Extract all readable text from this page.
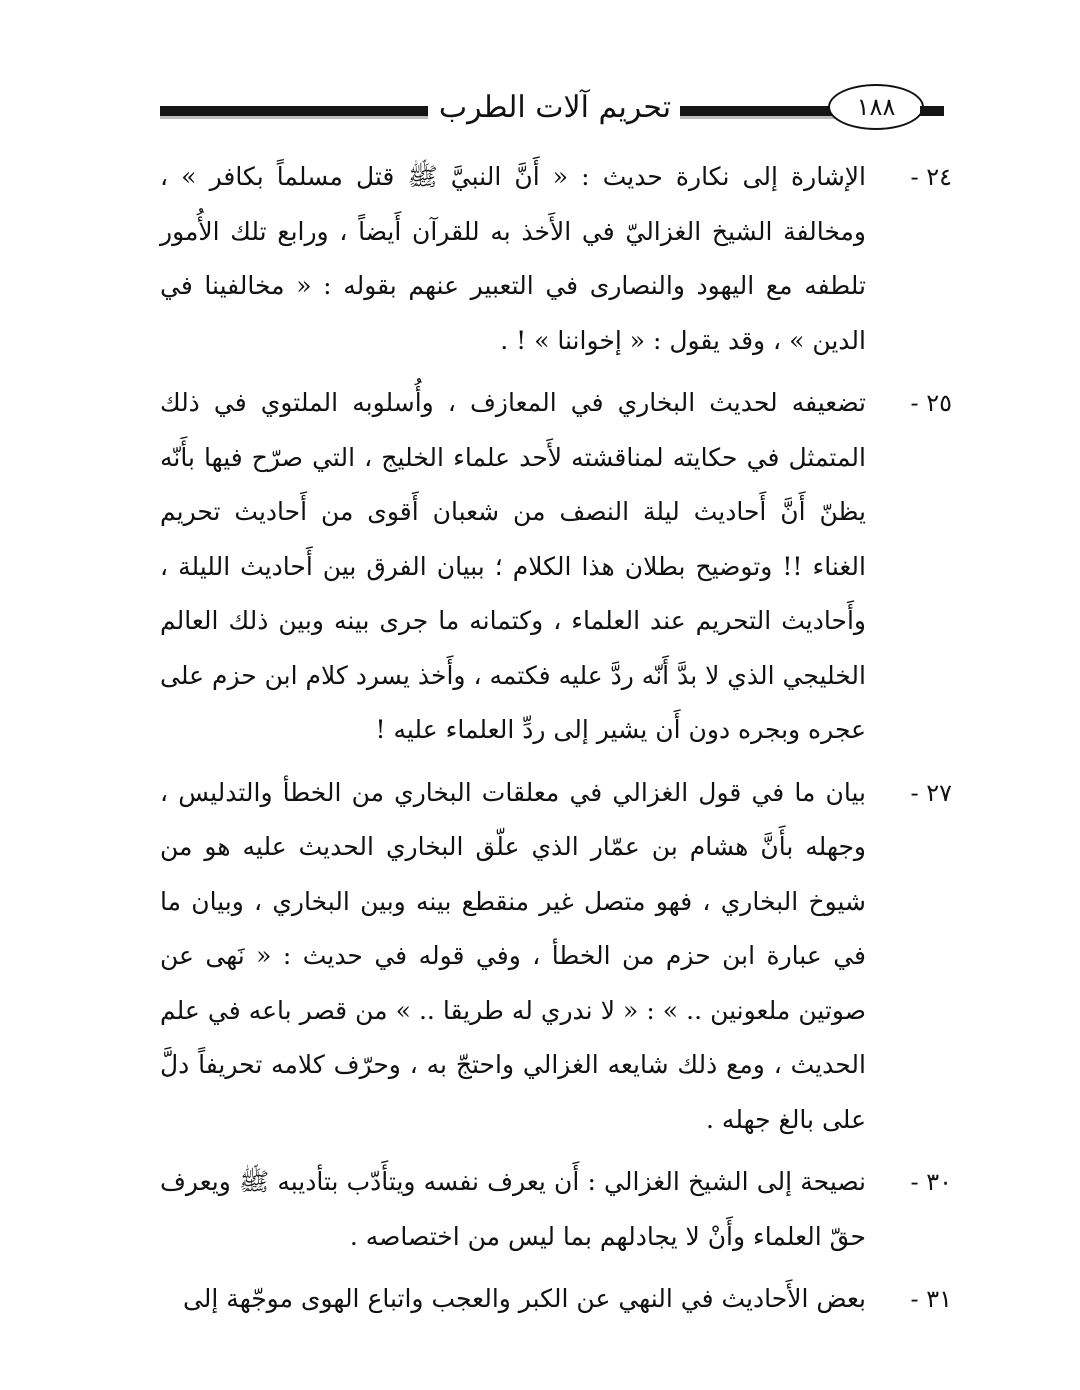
تحريم آلات الطرب	١٨٨
٢٤ -

الإشارة إلى نكارة حديث : « أَنَّ النبيَّ ﷺ قتل مسلماً بكافر » ، ومخالفة الشيخ الغزاليّ في الأَخذ به للقرآن أَيضاً ، ورابع تلك الأُمور تلطفه مع اليهود والنصارى في التعبير عنهم بقوله : « مخالفينا في الدين » ، وقد يقول : « إخواننا » ! .

٢٥ -

تضعيفه لحديث البخاري في المعازف ، وأُسلوبه الملتوي في ذلك المتمثل في حكايته لمناقشته لأَحد علماء الخليج ، التي صرّح فيها بأَنّه يظنّ أَنَّ أَحاديث ليلة النصف من شعبان أَقوى من أَحاديث تحريم الغناء !! وتوضيح بطلان هذا الكلام ؛ ببيان الفرق بين أَحاديث الليلة ، وأَحاديث التحريم عند العلماء ، وكتمانه ما جرى بينه وبين ذلك العالم الخليجي الذي لا بدَّ أَنّه ردَّ عليه فكتمه ، وأَخذ يسرد كلام ابن حزم على عجره وبجره دون أَن يشير إلى ردِّ العلماء عليه !

٢٧ -

بيان ما في قول الغزالي في معلقات البخاري من الخطأ والتدليس ، وجهله بأَنَّ هشام بن عمّار الذي علّق البخاري الحديث عليه هو من شيوخ البخاري ، فهو متصل غير منقطع بينه وبين البخاري ، وبيان ما في عبارة ابن حزم من الخطأ ، وفي قوله في حديث : « نَهى عن صوتين ملعونين .. » : « لا ندري له طريقا .. » من قصر باعه في علم الحديث ، ومع ذلك شايعه الغزالي واحتجّ به ، وحرّف كلامه تحريفاً دلَّ على بالغ جهله .

٣٠ -

نصيحة إلى الشيخ الغزالي : أَن يعرف نفسه ويتأَدّب بتأديبه ﷺ ويعرف حقّ العلماء وأَنْ لا يجادلهم بما ليس من اختصاصه .

٣١ -

بعض الأَحاديث في النهي عن الكبر والعجب واتباع الهوى موجّهة إلى
